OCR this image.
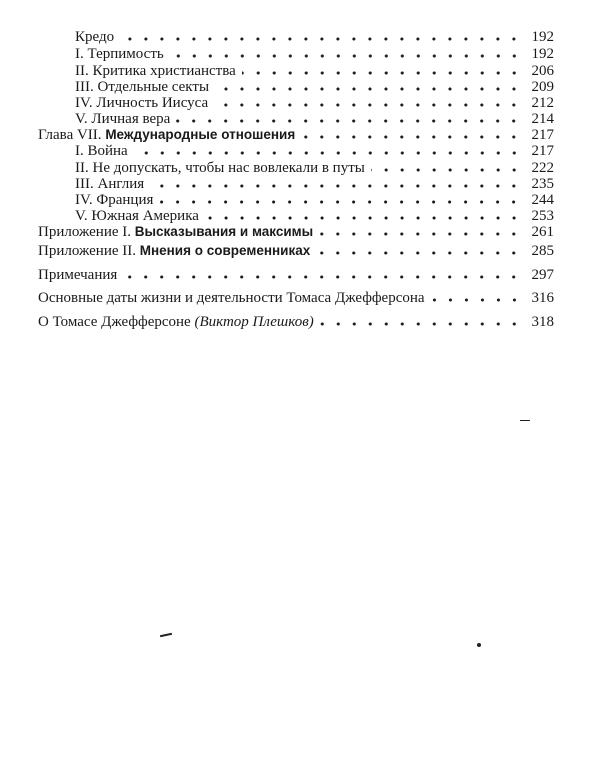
Кредо	192
I. Терпимость	192
II. Критика христианства	206
III. Отдельные секты	209
IV. Личность Иисуса	212
V. Личная вера	214
Глава VII. Международные отношения	217
I. Война	217
II. Не допускать, чтобы нас вовлекали в путы	222
III. Англия	235
IV. Франция	244
V. Южная Америка	253
Приложение I. Высказывания и максимы	261
Приложение II. Мнения о современниках	285
Примечания	297
Основные даты жизни и деятельности Томаса Джефферсона	316
О Томасе Джефферсоне (Виктор Плешков)	318
